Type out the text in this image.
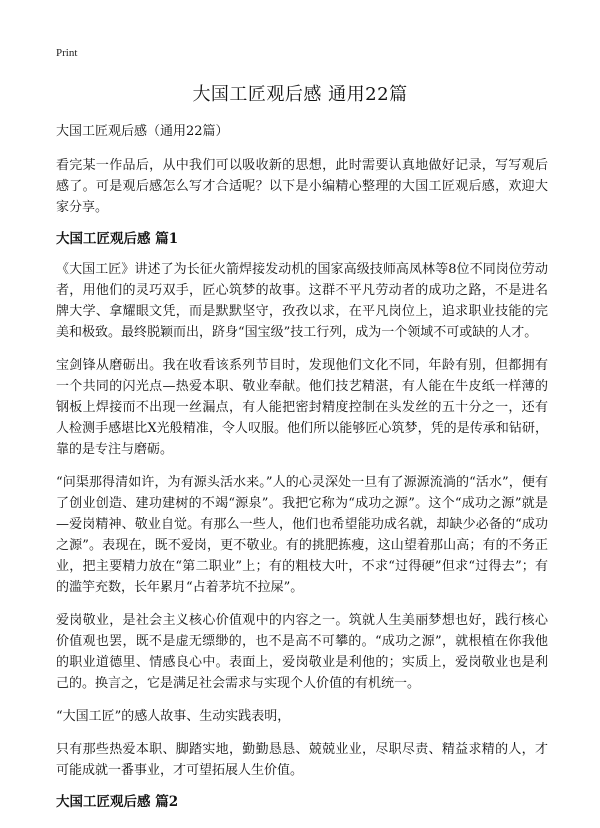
Print
大国工匠观后感 通用22篇

大国工匠观后感（通用22篇）

看完某一作品后，从中我们可以吸收新的思想，此时需要认真地做好记录，写写观后感了。可是观后感怎么写才合适呢？以下是小编精心整理的大国工匠观后感，欢迎大家分享。

大国工匠观后感 篇1

《大国工匠》讲述了为长征火箭焊接发动机的国家高级技师高凤林等8位不同岗位劳动者，用他们的灵巧双手，匠心筑梦的故事。这群不平凡劳动者的成功之路，不是进名牌大学、拿耀眼文凭，而是默默坚守，孜孜以求，在平凡岗位上，追求职业技能的完美和极致。最终脱颖而出，跻身“国宝级”技工行列，成为一个领域不可或缺的人才。

宝剑锋从磨砺出。我在收看该系列节目时，发现他们文化不同，年龄有别，但都拥有一个共同的闪光点—热爱本职、敬业奉献。他们技艺精湛，有人能在牛皮纸一样薄的钢板上焊接而不出现一丝漏点，有人能把密封精度控制在头发丝的五十分之一，还有人检测手感堪比X光般精准，令人叹服。他们所以能够匠心筑梦，凭的是传承和钻研，靠的是专注与磨砺。

“问渠那得清如许，为有源头活水来。”人的心灵深处一旦有了源源流淌的“活水”，便有了创业创造、建功建树的不竭“源泉”。我把它称为“成功之源”。这个“成功之源”就是—爱岗精神、敬业自觉。有那么一些人，他们也希望能功成名就，却缺少必备的“成功之源”。表现在，既不爱岗，更不敬业。有的挑肥拣瘦，这山望着那山高；有的不务正业，把主要精力放在“第二职业”上；有的粗枝大叶，不求“过得硬”但求“过得去”；有的滥竽充数，长年累月“占着茅坑不拉屎”。

爱岗敬业，是社会主义核心价值观中的内容之一。筑就人生美丽梦想也好，践行核心价值观也罢，既不是虚无缥缈的，也不是高不可攀的。“成功之源”，就根植在你我他的职业道德里、情感良心中。表面上，爱岗敬业是利他的；实质上，爱岗敬业也是利己的。换言之，它是满足社会需求与实现个人价值的有机统一。

“大国工匠”的感人故事、生动实践表明，

只有那些热爱本职、脚踏实地，勤勤恳恳、兢兢业业，尽职尽责、精益求精的人，才可能成就一番事业，才可望拓展人生价值。

大国工匠观后感 篇2
